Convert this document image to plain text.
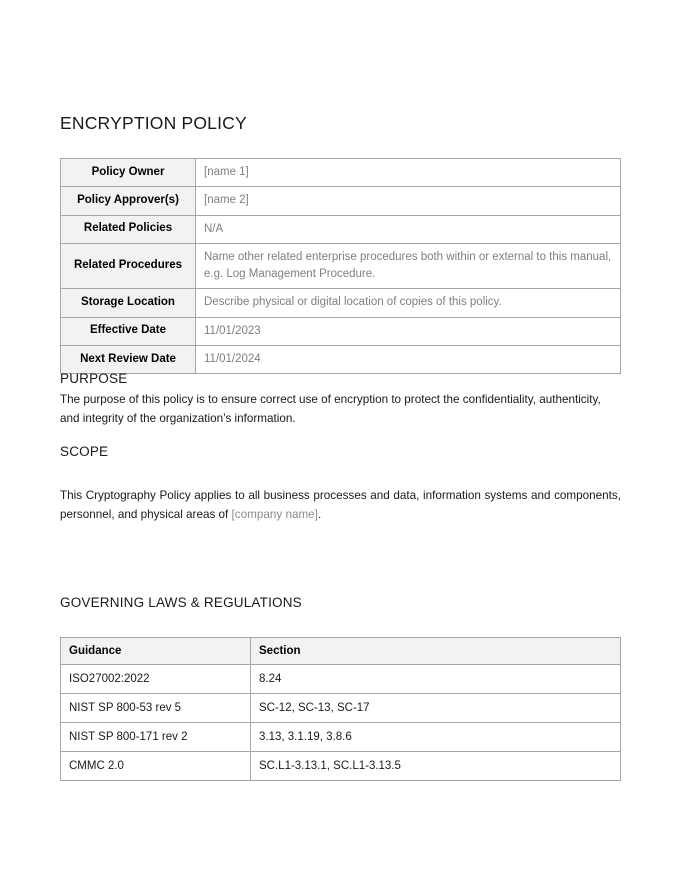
ENCRYPTION POLICY
Policy Owner	[name 1]
Policy Approver(s)	[name 2]
Related Policies	N/A
Related Procedures	Name other related enterprise procedures both within or external to this manual, e.g. Log Management Procedure.
Storage Location	Describe physical or digital location of copies of this policy.
Effective Date	11/01/2023
Next Review Date	11/01/2024
PURPOSE
The purpose of this policy is to ensure correct use of encryption to protect the confidentiality, authenticity, and integrity of the organization’s information.
SCOPE
This Cryptography Policy applies to all business processes and data, information systems and components, personnel, and physical areas of [company name].
GOVERNING LAWS & REGULATIONS
Guidance	Section
ISO27002:2022	8.24
NIST SP 800-53 rev 5	SC-12, SC-13, SC-17
NIST SP 800-171 rev 2	3.13, 3.1.19, 3.8.6
CMMC 2.0	SC.L1-3.13.1, SC.L1-3.13.5
